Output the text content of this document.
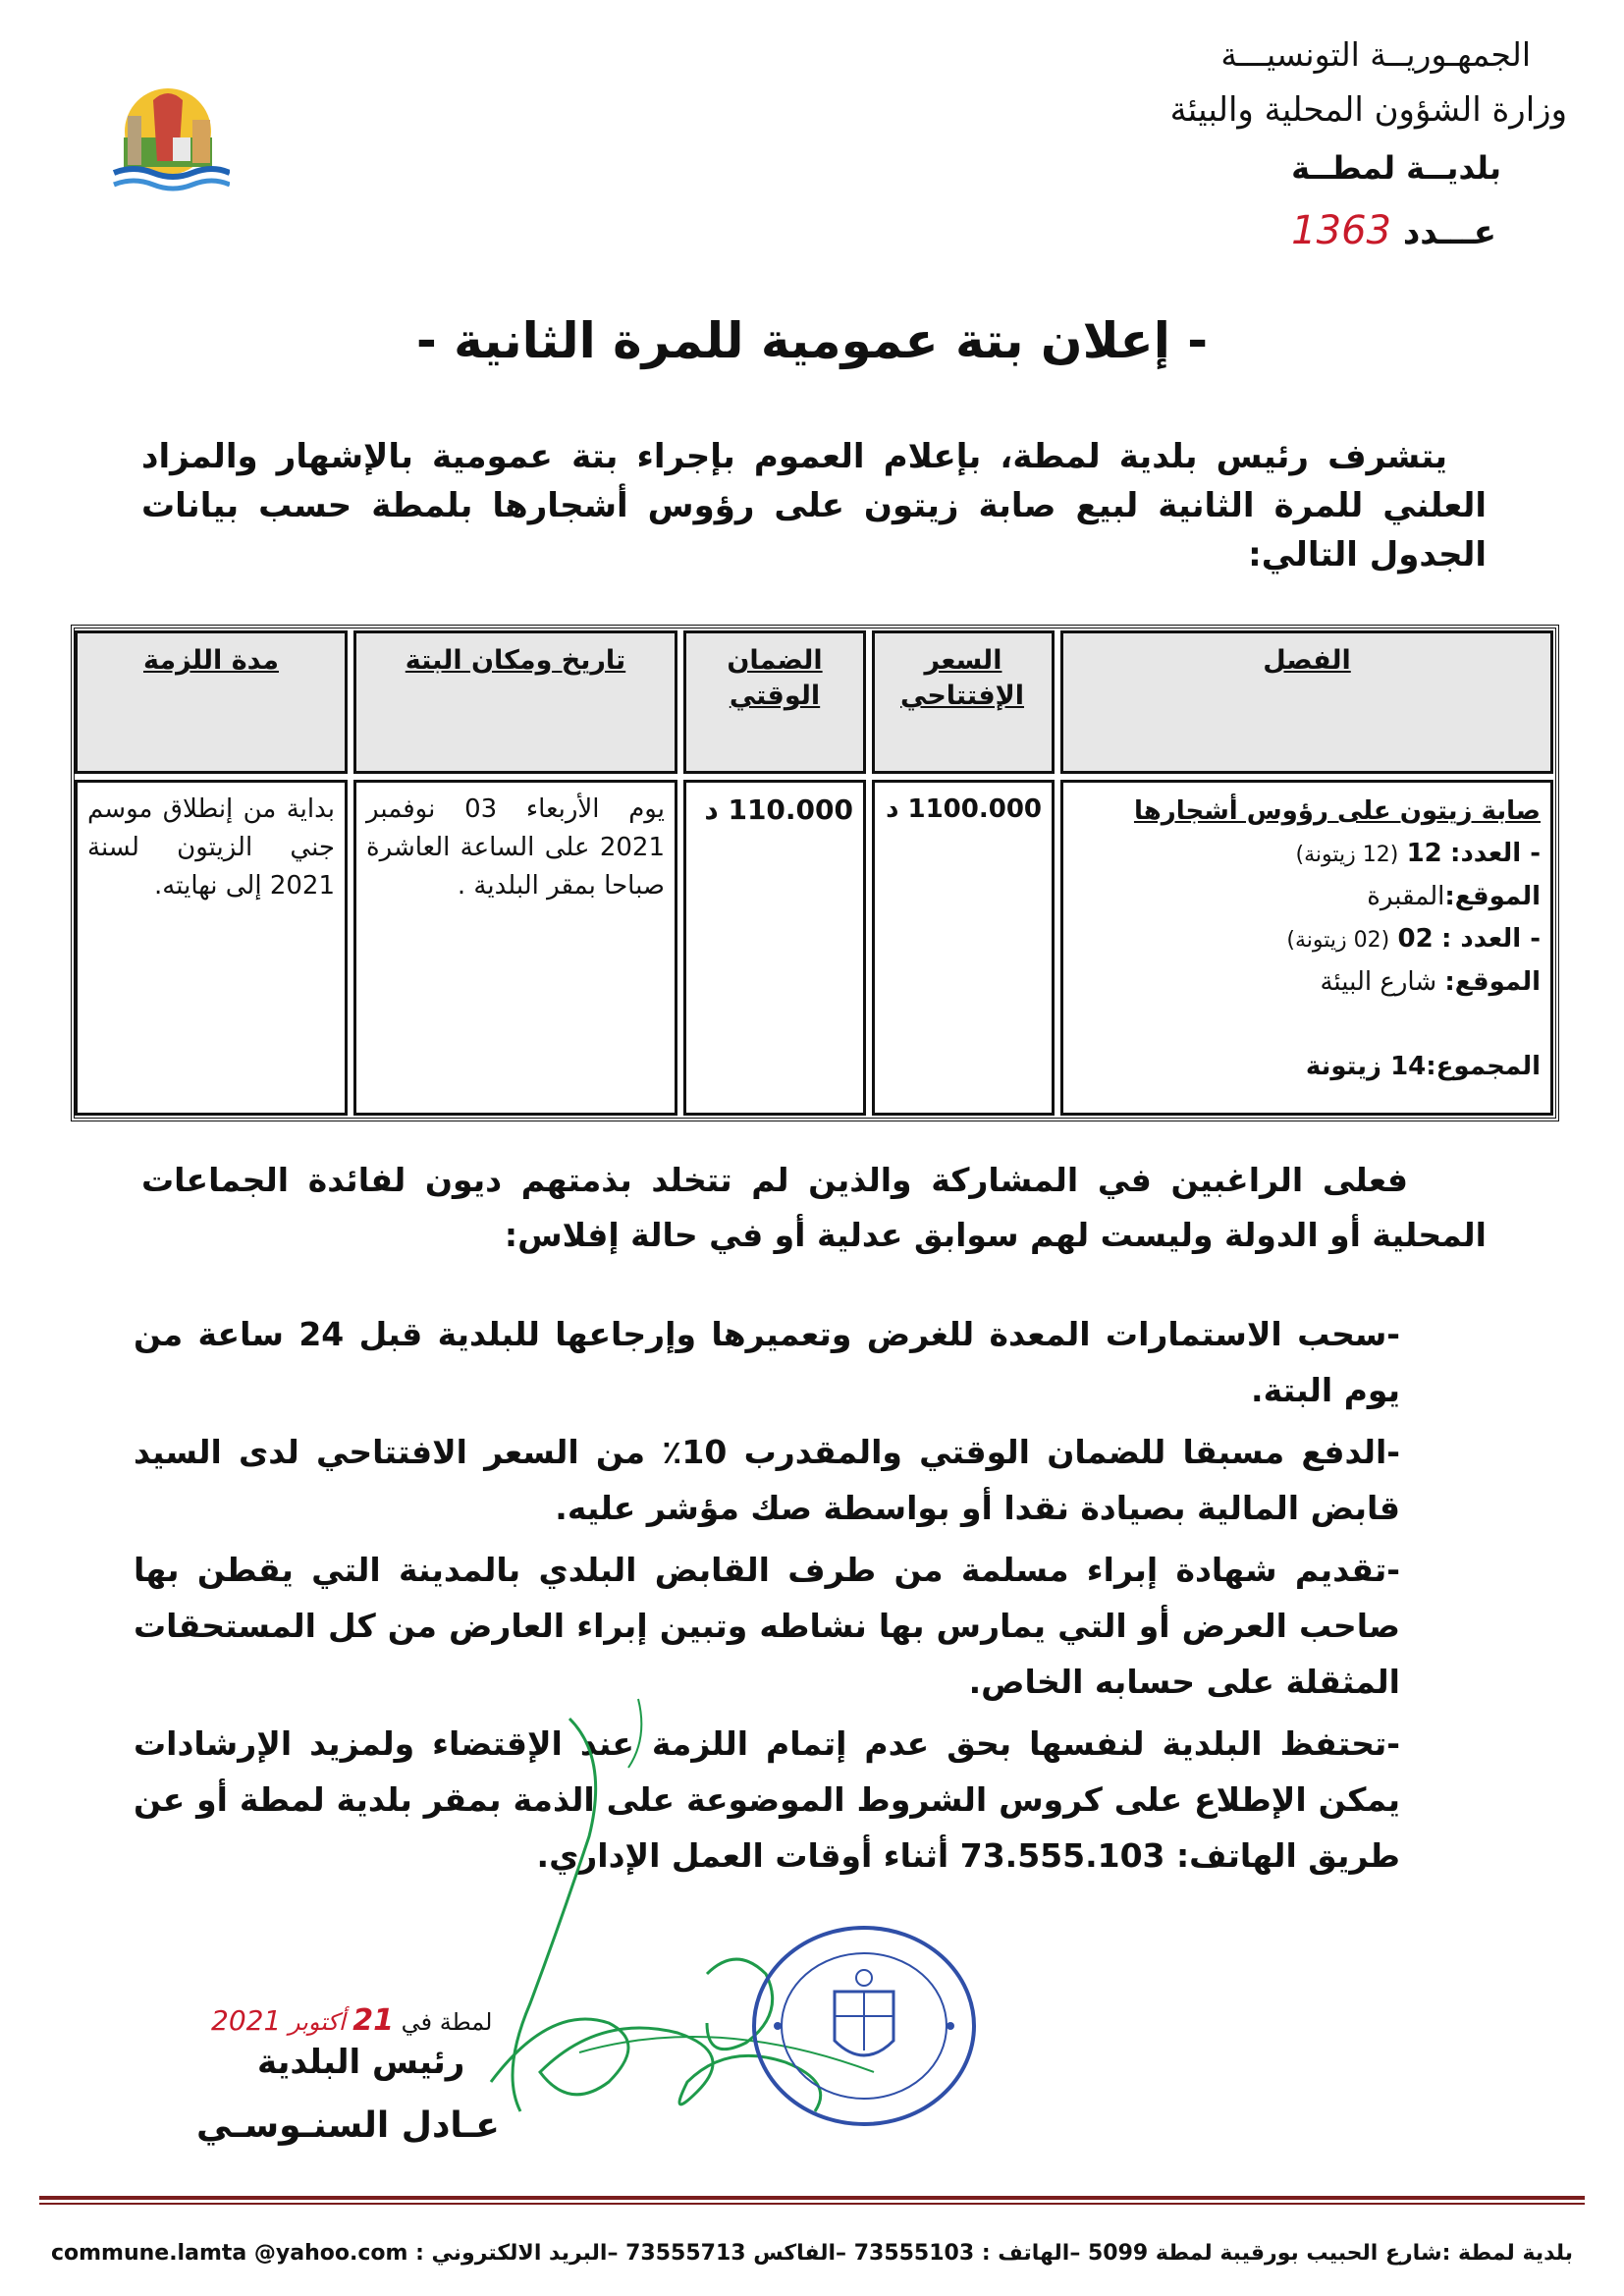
الجمهـوريــة التونسيـــة
وزارة الشؤون المحلية والبيئة
بلديــة لمطــة
عـــدد 1363
- إعلان بتة عمومية للمرة الثانية -
يتشرف رئيس بلدية لمطة، بإعلام العموم بإجراء بتة عمومية بالإشهار والمزاد العلني للمرة الثانية لبيع صابة زيتون على رؤوس أشجارها بلمطة حسب بيانات الجدول التالي:
الفصل
السعر الإفتتاحي
الضمان الوقتي
تاريخ ومكان البتة
مدة اللزمة
صابة زيتون على رؤوس أشجارها
- العدد: 12 (12 زيتونة)
الموقع:المقبرة
- العدد : 02 (02 زيتونة)
الموقع: شارع البيئة
المجموع:14 زيتونة
1100.000 د
110.000 د
يوم الأربعاء 03 نوفمبر 2021 على الساعة العاشرة صباحا بمقر البلدية .
بداية من إنطلاق موسم جني الزيتون لسنة 2021 إلى نهايته.
فعلى الراغبين في المشاركة والذين لم تتخلد بذمتهم ديون لفائدة الجماعات المحلية أو الدولة وليست لهم سوابق عدلية أو في حالة إفلاس:
-سحب الاستمارات المعدة للغرض وتعميرها وإرجاعها للبلدية قبل 24 ساعة من يوم البتة.
-الدفع مسبقا للضمان الوقتي والمقدرب 10٪ من السعر الافتتاحي لدى السيد قابض المالية بصيادة نقدا أو بواسطة صك مؤشر عليه.
-تقديم شهادة إبراء مسلمة من طرف القابض البلدي بالمدينة التي يقطن بها صاحب العرض أو التي يمارس بها نشاطه وتبين إبراء العارض من كل المستحقات المثقلة على حسابه الخاص.
-تحتفظ البلدية لنفسها بحق عدم إتمام اللزمة عند الإقتضاء ولمزيد الإرشادات يمكن الإطلاع على كروس الشروط الموضوعة على الذمة بمقر بلدية لمطة أو عن طريق الهاتف: 73.555.103 أثناء أوقات العمل الإداري.
لمطة في 21 أكتوبر 2021
رئيس البلدية
عـادل السنـوسـي
بلدية لمطة :شارع الحبيب بورقيبة لمطة 5099 –الهاتف : 73555103 –الفاكس 73555713 –البريد الالكتروني : commune.lamta @yahoo.com
